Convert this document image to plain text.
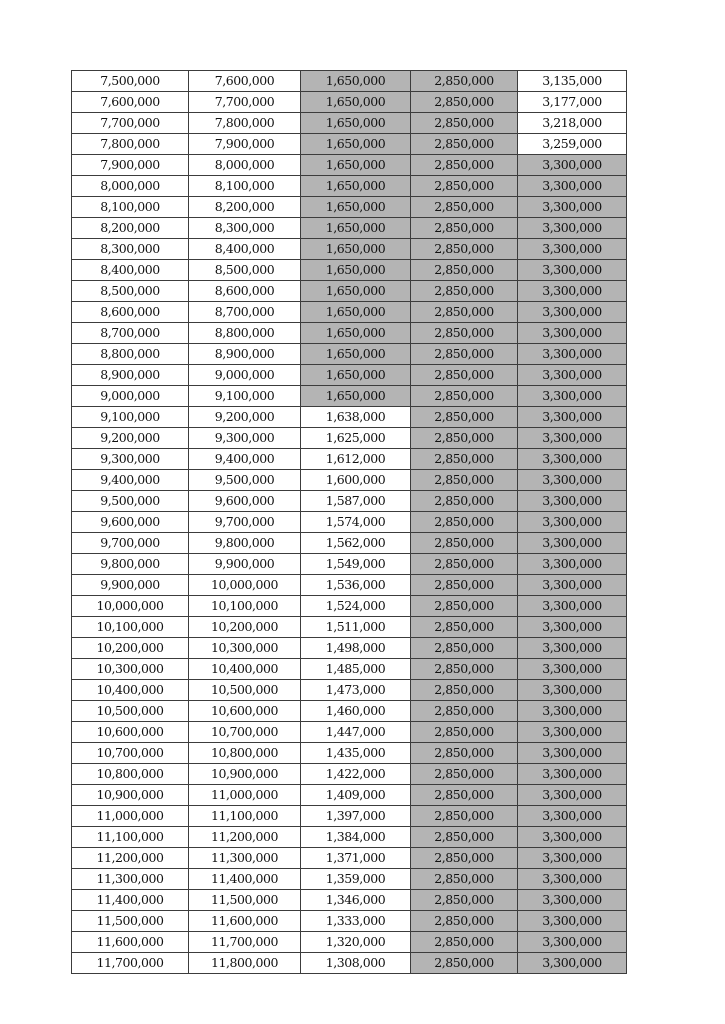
7,500,000	7,600,000	1,650,000	2,850,000	3,135,000
7,600,000	7,700,000	1,650,000	2,850,000	3,177,000
7,700,000	7,800,000	1,650,000	2,850,000	3,218,000
7,800,000	7,900,000	1,650,000	2,850,000	3,259,000
7,900,000	8,000,000	1,650,000	2,850,000	3,300,000
8,000,000	8,100,000	1,650,000	2,850,000	3,300,000
8,100,000	8,200,000	1,650,000	2,850,000	3,300,000
8,200,000	8,300,000	1,650,000	2,850,000	3,300,000
8,300,000	8,400,000	1,650,000	2,850,000	3,300,000
8,400,000	8,500,000	1,650,000	2,850,000	3,300,000
8,500,000	8,600,000	1,650,000	2,850,000	3,300,000
8,600,000	8,700,000	1,650,000	2,850,000	3,300,000
8,700,000	8,800,000	1,650,000	2,850,000	3,300,000
8,800,000	8,900,000	1,650,000	2,850,000	3,300,000
8,900,000	9,000,000	1,650,000	2,850,000	3,300,000
9,000,000	9,100,000	1,650,000	2,850,000	3,300,000
9,100,000	9,200,000	1,638,000	2,850,000	3,300,000
9,200,000	9,300,000	1,625,000	2,850,000	3,300,000
9,300,000	9,400,000	1,612,000	2,850,000	3,300,000
9,400,000	9,500,000	1,600,000	2,850,000	3,300,000
9,500,000	9,600,000	1,587,000	2,850,000	3,300,000
9,600,000	9,700,000	1,574,000	2,850,000	3,300,000
9,700,000	9,800,000	1,562,000	2,850,000	3,300,000
9,800,000	9,900,000	1,549,000	2,850,000	3,300,000
9,900,000	10,000,000	1,536,000	2,850,000	3,300,000
10,000,000	10,100,000	1,524,000	2,850,000	3,300,000
10,100,000	10,200,000	1,511,000	2,850,000	3,300,000
10,200,000	10,300,000	1,498,000	2,850,000	3,300,000
10,300,000	10,400,000	1,485,000	2,850,000	3,300,000
10,400,000	10,500,000	1,473,000	2,850,000	3,300,000
10,500,000	10,600,000	1,460,000	2,850,000	3,300,000
10,600,000	10,700,000	1,447,000	2,850,000	3,300,000
10,700,000	10,800,000	1,435,000	2,850,000	3,300,000
10,800,000	10,900,000	1,422,000	2,850,000	3,300,000
10,900,000	11,000,000	1,409,000	2,850,000	3,300,000
11,000,000	11,100,000	1,397,000	2,850,000	3,300,000
11,100,000	11,200,000	1,384,000	2,850,000	3,300,000
11,200,000	11,300,000	1,371,000	2,850,000	3,300,000
11,300,000	11,400,000	1,359,000	2,850,000	3,300,000
11,400,000	11,500,000	1,346,000	2,850,000	3,300,000
11,500,000	11,600,000	1,333,000	2,850,000	3,300,000
11,600,000	11,700,000	1,320,000	2,850,000	3,300,000
11,700,000	11,800,000	1,308,000	2,850,000	3,300,000
